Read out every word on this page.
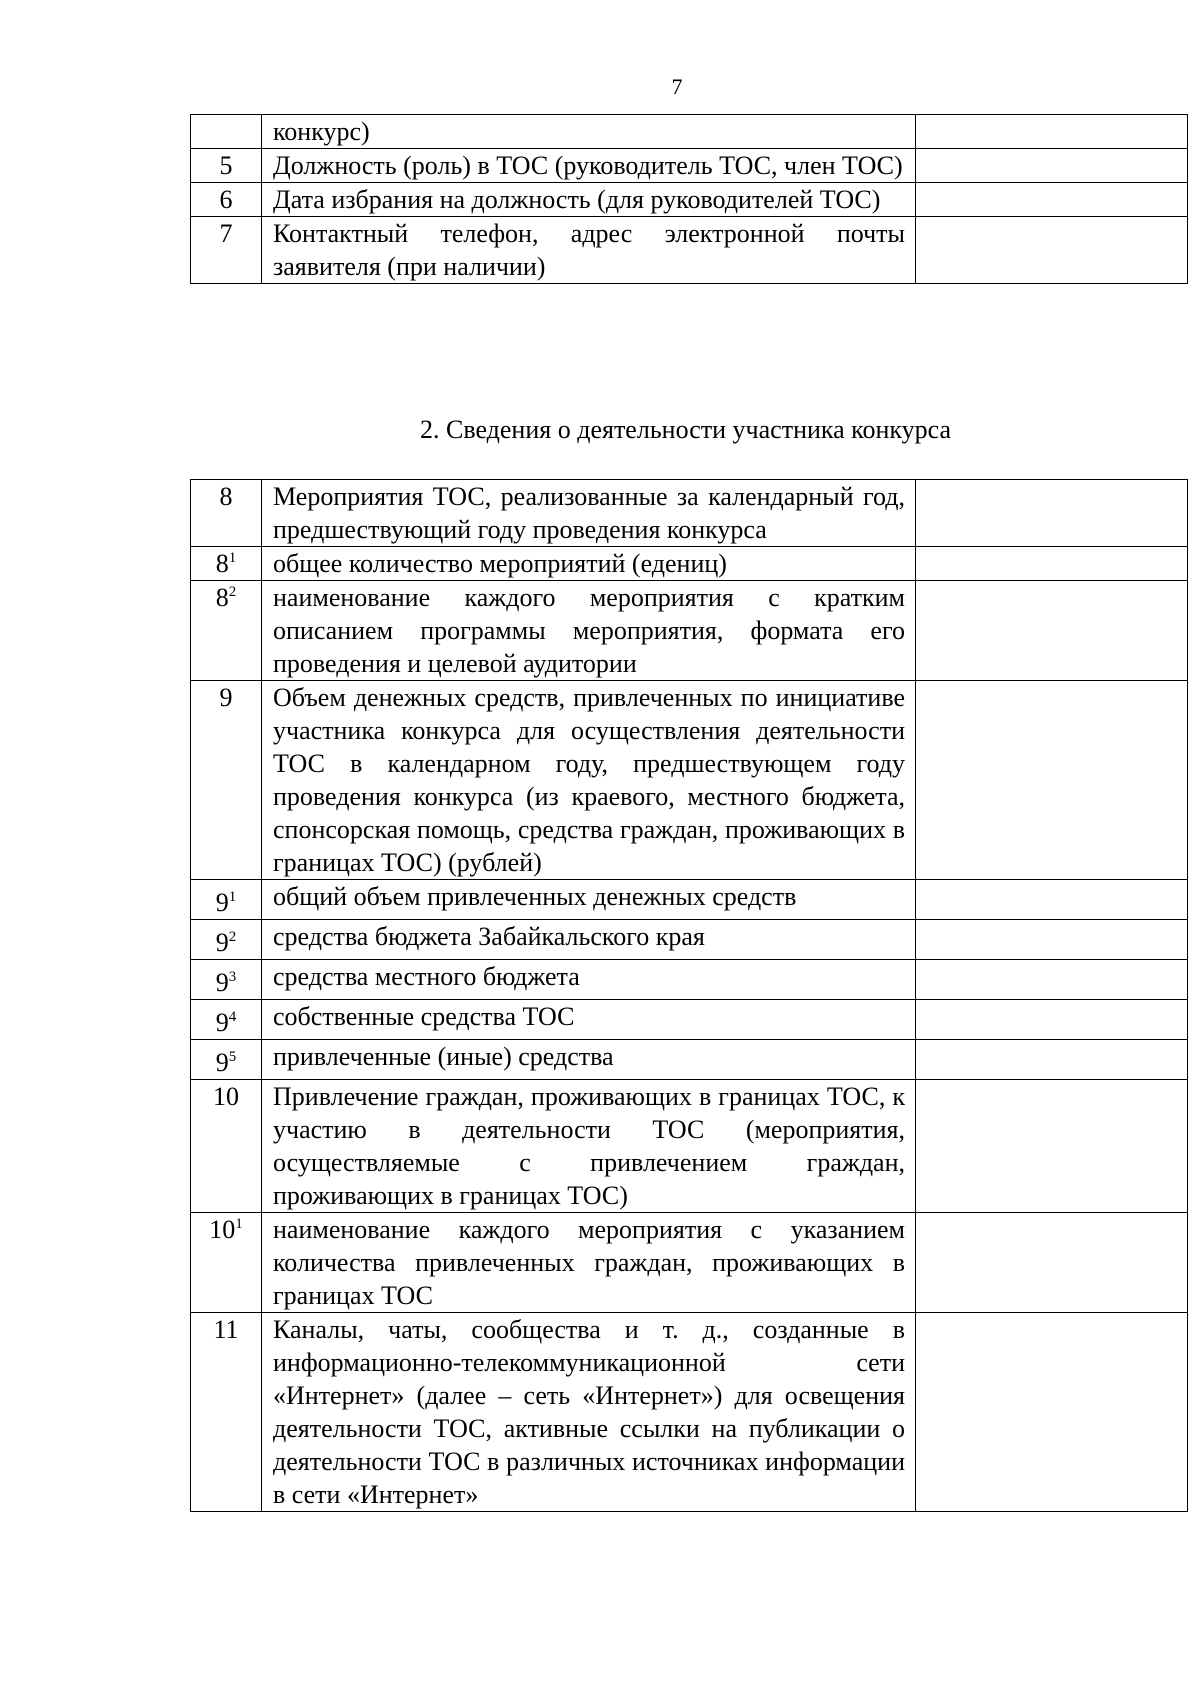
7
	конкурс)	
5	Должность (роль) в ТОС (руководитель ТОС, член ТОС)	
6	Дата избрания на должность (для руководителей ТОС)	
7	Контактный телефон, адрес электронной почты заявителя (при наличии)	
2. Сведения о деятельности участника конкурса
8	Мероприятия ТОС, реализованные за календарный год, предшествующий году проведения конкурса	
$8^1$	общее количество мероприятий (едениц)	
$8^2$	наименование каждого мероприятия с кратким описанием программы мероприятия, формата его проведения и целевой аудитории	
9	Объем денежных средств, привлеченных по инициативе участника конкурса для осуществления деятельности ТОС в календарном году, предшествующем году проведения конкурса (из краевого, местного бюджета, спонсорская помощь, средства граждан, проживающих в границах ТОС) (рублей)	
$9^1$	общий объем привлеченных денежных средств	
$9^2$	средства бюджета Забайкальского края	
$9^3$	средства местного бюджета	
$9^4$	собственные средства ТОС	
$9^5$	привлеченные (иные) средства	
10	Привлечение граждан, проживающих в границах ТОС, к участию в деятельности ТОС (мероприятия, осуществляемые с привлечением граждан, проживающих в границах ТОС)	
$10^1$	наименование каждого мероприятия с указанием количества привлеченных граждан, проживающих в границах ТОС	
11	Каналы, чаты, сообщества и т. д., созданные в информационно-телекоммуникационной сети «Интернет» (далее – сеть «Интернет») для освещения деятельности ТОС, активные ссылки на публикации о деятельности ТОС в различных источниках информации в сети «Интернет»	
